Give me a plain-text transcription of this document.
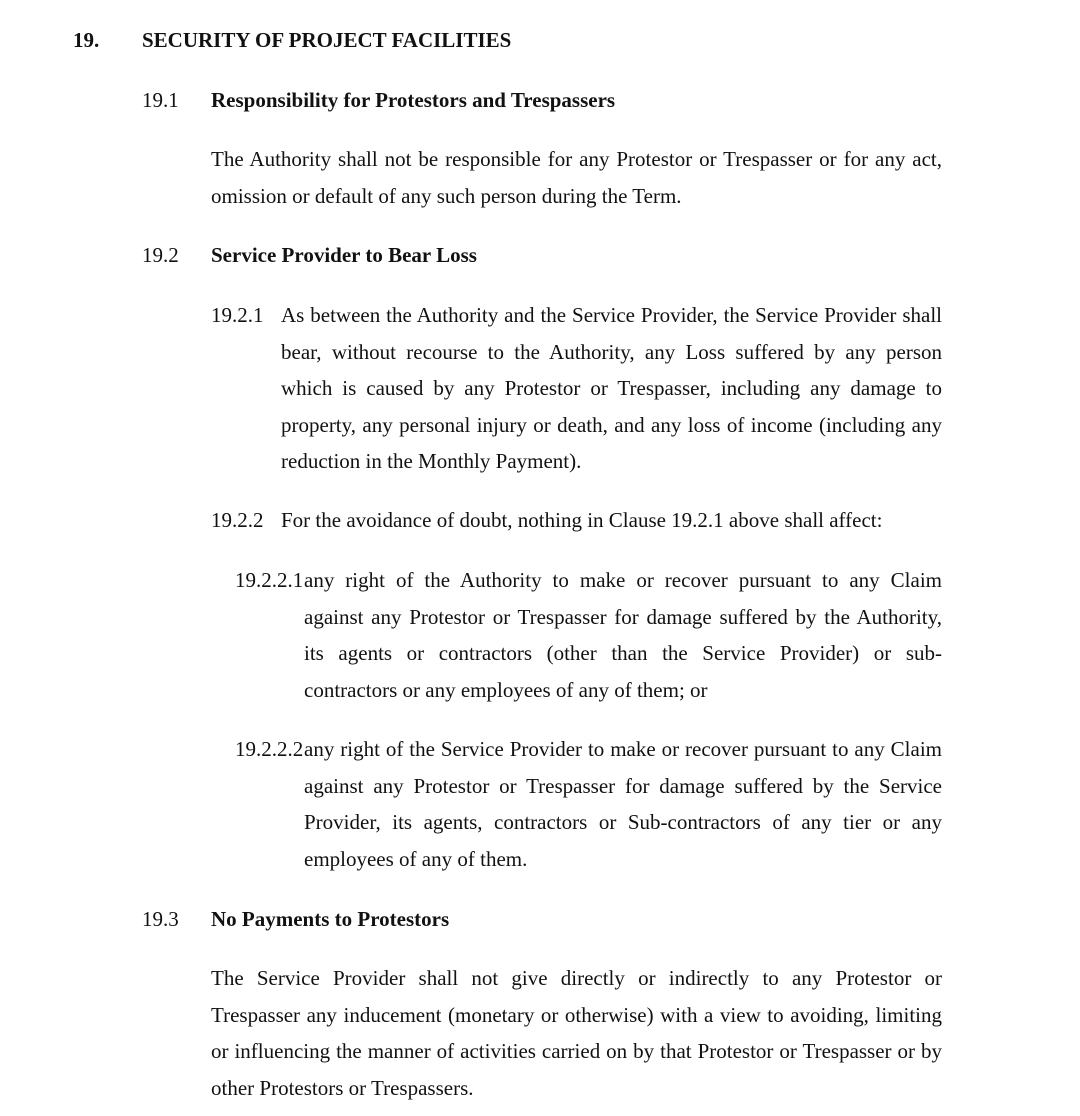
19. SECURITY OF PROJECT FACILITIES
19.1 Responsibility for Protestors and Trespassers
The Authority shall not be responsible for any Protestor or Trespasser or for any act,
omission or default of any such person during the Term.
19.2 Service Provider to Bear Loss
19.2.1 As between the Authority and the Service Provider, the Service Provider shall
bear, without recourse to the Authority, any Loss suffered by any person
which is caused by any Protestor or Trespasser, including any damage to
property, any personal injury or death, and any loss of income (including any
reduction in the Monthly Payment).
19.2.2 For the avoidance of doubt, nothing in Clause 19.2.1 above shall affect:
19.2.2.1 any right of the Authority to make or recover pursuant to any Claim
against any Protestor or Trespasser for damage suffered by the Authority,
its agents or contractors (other than the Service Provider) or sub-
contractors or any employees of any of them; or
19.2.2.2 any right of the Service Provider to make or recover pursuant to any Claim
against any Protestor or Trespasser for damage suffered by the Service
Provider, its agents, contractors or Sub-contractors of any tier or any
employees of any of them.
19.3 No Payments to Protestors
The Service Provider shall not give directly or indirectly to any Protestor or
Trespasser any inducement (monetary or otherwise) with a view to avoiding, limiting
or influencing the manner of activities carried on by that Protestor or Trespasser or by
other Protestors or Trespassers.
